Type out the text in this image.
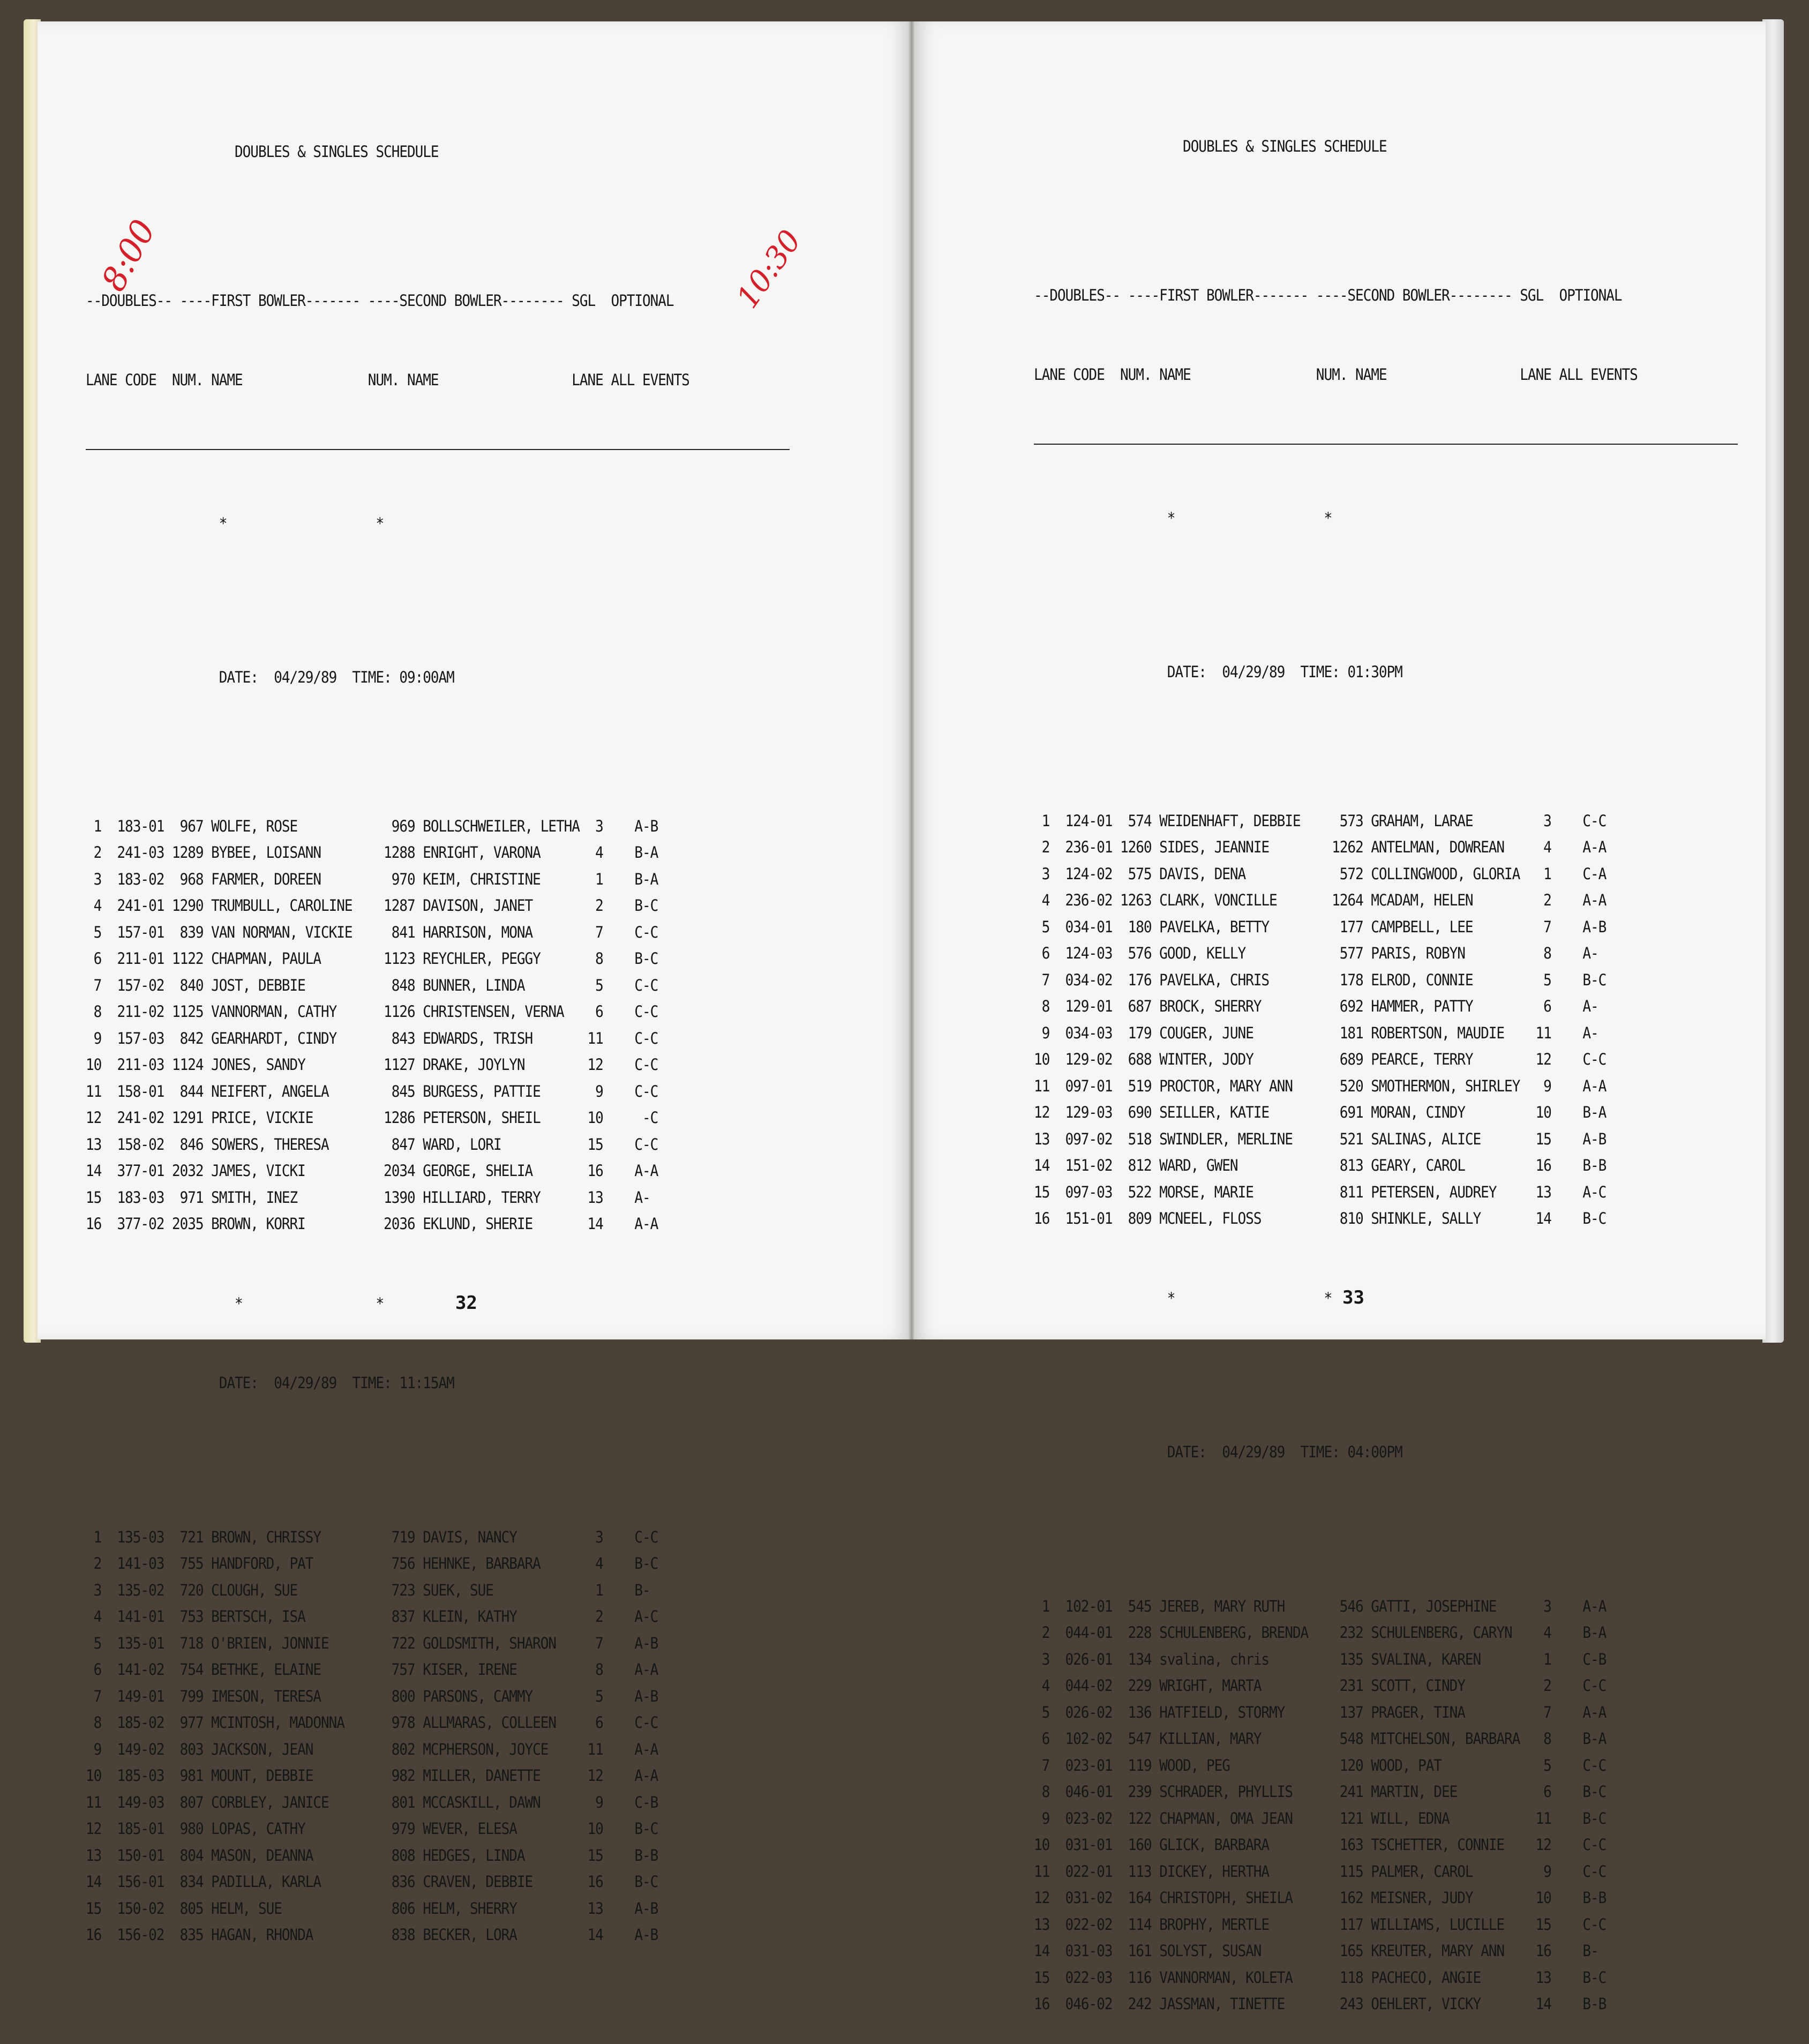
DOUBLES & SINGLES SCHEDULE

--DOUBLES-- ----FIRST BOWLER------- ----SECOND BOWLER-------- SGL  OPTIONAL

LANE CODE  NUM. NAME                NUM. NAME                 LANE ALL EVENTS

*                   *

DATE:  04/29/89  TIME: 09:00AM

1  183-01  967 WOLFE, ROSE            969 BOLLSCHWEILER, LETHA  3    A-B
2  241-03 1289 BYBEE, LOISANN        1288 ENRIGHT, VARONA       4    B-A
3  183-02  968 FARMER, DOREEN         970 KEIM, CHRISTINE       1    B-A
4  241-01 1290 TRUMBULL, CAROLINE    1287 DAVISON, JANET        2    B-C
5  157-01  839 VAN NORMAN, VICKIE     841 HARRISON, MONA        7    C-C
6  211-01 1122 CHAPMAN, PAULA        1123 REYCHLER, PEGGY       8    B-C
7  157-02  840 JOST, DEBBIE           848 BUNNER, LINDA         5    C-C
8  211-02 1125 VANNORMAN, CATHY      1126 CHRISTENSEN, VERNA    6    C-C
9  157-03  842 GEARHARDT, CINDY       843 EDWARDS, TRISH       11    C-C
10  211-03 1124 JONES, SANDY          1127 DRAKE, JOYLYN        12    C-C
11  158-01  844 NEIFERT, ANGELA        845 BURGESS, PATTIE       9    C-C
12  241-02 1291 PRICE, VICKIE         1286 PETERSON, SHEIL      10     -C
13  158-02  846 SOWERS, THERESA        847 WARD, LORI           15    C-C
14  377-01 2032 JAMES, VICKI          2034 GEORGE, SHELIA       16    A-A
15  183-03  971 SMITH, INEZ           1390 HILLIARD, TERRY      13    A-
16  377-02 2035 BROWN, KORRI          2036 EKLUND, SHERIE       14    A-A

*                 *

DATE:  04/29/89  TIME: 11:15AM

1  135-03  721 BROWN, CHRISSY         719 DAVIS, NANCY          3    C-C
2  141-03  755 HANDFORD, PAT          756 HEHNKE, BARBARA       4    B-C
3  135-02  720 CLOUGH, SUE            723 SUEK, SUE             1    B-
4  141-01  753 BERTSCH, ISA           837 KLEIN, KATHY          2    A-C
5  135-01  718 O'BRIEN, JONNIE        722 GOLDSMITH, SHARON     7    A-B
6  141-02  754 BETHKE, ELAINE         757 KISER, IRENE          8    A-A
7  149-01  799 IMESON, TERESA         800 PARSONS, CAMMY        5    A-B
8  185-02  977 MCINTOSH, MADONNA      978 ALLMARAS, COLLEEN     6    C-C
9  149-02  803 JACKSON, JEAN          802 MCPHERSON, JOYCE     11    A-A
10  185-03  981 MOUNT, DEBBIE          982 MILLER, DANETTE      12    A-A
11  149-03  807 CORBLEY, JANICE        801 MCCASKILL, DAWN       9    C-B
12  185-01  980 LOPAS, CATHY           979 WEVER, ELESA         10    B-C
13  150-01  804 MASON, DEANNA          808 HEDGES, LINDA        15    B-B
14  156-01  834 PADILLA, KARLA         836 CRAVEN, DEBBIE       16    B-C
15  150-02  805 HELM, SUE              806 HELM, SHERRY         13    A-B
16  156-02  835 HAGAN, RHONDA          838 BECKER, LORA         14    A-B

DOUBLES & SINGLES SCHEDULE

--DOUBLES-- ----FIRST BOWLER------- ----SECOND BOWLER-------- SGL  OPTIONAL

LANE CODE  NUM. NAME                NUM. NAME                 LANE ALL EVENTS

*                   *

DATE:  04/29/89  TIME: 01:30PM

1  124-01  574 WEIDENHAFT, DEBBIE     573 GRAHAM, LARAE         3    C-C
2  236-01 1260 SIDES, JEANNIE        1262 ANTELMAN, DOWREAN     4    A-A
3  124-02  575 DAVIS, DENA            572 COLLINGWOOD, GLORIA   1    C-A
4  236-02 1263 CLARK, VONCILLE       1264 MCADAM, HELEN         2    A-A
5  034-01  180 PAVELKA, BETTY         177 CAMPBELL, LEE         7    A-B
6  124-03  576 GOOD, KELLY            577 PARIS, ROBYN          8    A-
7  034-02  176 PAVELKA, CHRIS         178 ELROD, CONNIE         5    B-C
8  129-01  687 BROCK, SHERRY          692 HAMMER, PATTY         6    A-
9  034-03  179 COUGER, JUNE           181 ROBERTSON, MAUDIE    11    A-
10  129-02  688 WINTER, JODY           689 PEARCE, TERRY        12    C-C
11  097-01  519 PROCTOR, MARY ANN      520 SMOTHERMON, SHIRLEY   9    A-A
12  129-03  690 SEILLER, KATIE         691 MORAN, CINDY         10    B-A
13  097-02  518 SWINDLER, MERLINE      521 SALINAS, ALICE       15    A-B
14  151-02  812 WARD, GWEN             813 GEARY, CAROL         16    B-B
15  097-03  522 MORSE, MARIE           811 PETERSEN, AUDREY     13    A-C
16  151-01  809 MCNEEL, FLOSS          810 SHINKLE, SALLY       14    B-C

*                   *

DATE:  04/29/89  TIME: 04:00PM

1  102-01  545 JEREB, MARY RUTH       546 GATTI, JOSEPHINE      3    A-A
2  044-01  228 SCHULENBERG, BRENDA    232 SCHULENBERG, CARYN    4    B-A
3  026-01  134 svalina, chris         135 SVALINA, KAREN        1    C-B
4  044-02  229 WRIGHT, MARTA          231 SCOTT, CINDY          2    C-C
5  026-02  136 HATFIELD, STORMY       137 PRAGER, TINA          7    A-A
6  102-02  547 KILLIAN, MARY          548 MITCHELSON, BARBARA   8    B-A
7  023-01  119 WOOD, PEG              120 WOOD, PAT             5    C-C
8  046-01  239 SCHRADER, PHYLLIS      241 MARTIN, DEE           6    B-C
9  023-02  122 CHAPMAN, OMA JEAN      121 WILL, EDNA           11    B-C
10  031-01  160 GLICK, BARBARA         163 TSCHETTER, CONNIE    12    C-C
11  022-01  113 DICKEY, HERTHA         115 PALMER, CAROL         9    C-C
12  031-02  164 CHRISTOPH, SHEILA      162 MEISNER, JUDY        10    B-B
13  022-02  114 BROPHY, MERTLE         117 WILLIAMS, LUCILLE    15    C-C
14  031-03  161 SOLYST, SUSAN          165 KREUTER, MARY ANN    16    B-
15  022-03  116 VANNORMAN, KOLETA      118 PACHECO, ANGIE       13    B-C
16  046-02  242 JASSMAN, TINETTE       243 OEHLERT, VICKY       14    B-B

32	33
8:00	10:30
